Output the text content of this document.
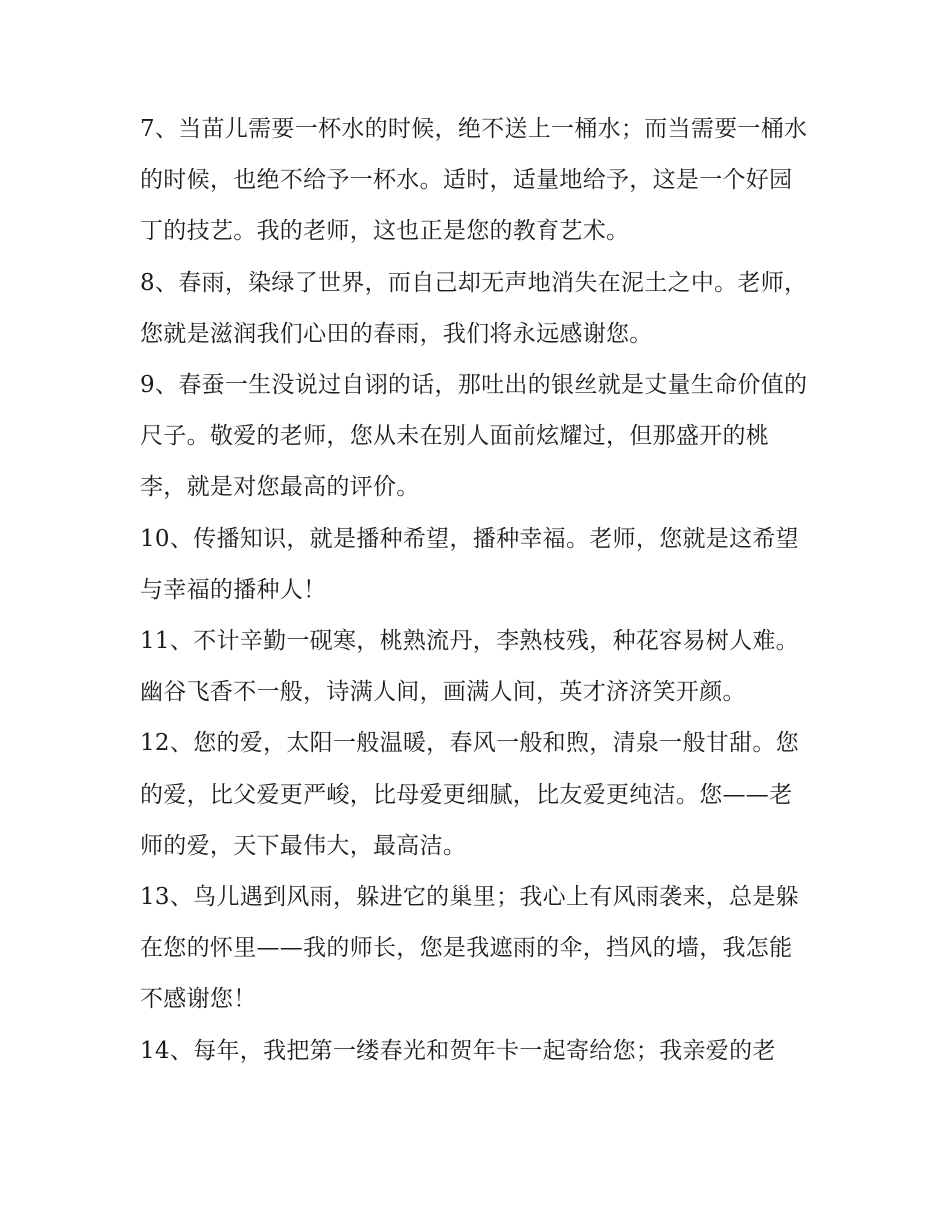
7、当苗儿需要一杯水的时候，绝不送上一桶水；而当需要一桶水的时候，也绝不给予一杯水。适时，适量地给予，这是一个好园丁的技艺。我的老师，这也正是您的教育艺术。

8、春雨，染绿了世界，而自己却无声地消失在泥土之中。老师，您就是滋润我们心田的春雨，我们将永远感谢您。

9、春蚕一生没说过自诩的话，那吐出的银丝就是丈量生命价值的尺子。敬爱的老师，您从未在别人面前炫耀过，但那盛开的桃李，就是对您最高的评价。

10、传播知识，就是播种希望，播种幸福。老师，您就是这希望与幸福的播种人！

11、不计辛勤一砚寒，桃熟流丹，李熟枝残，种花容易树人难。幽谷飞香不一般，诗满人间，画满人间，英才济济笑开颜。

12、您的爱，太阳一般温暖，春风一般和煦，清泉一般甘甜。您的爱，比父爱更严峻，比母爱更细腻，比友爱更纯洁。您——老师的爱，天下最伟大，最高洁。

13、鸟儿遇到风雨，躲进它的巢里；我心上有风雨袭来，总是躲在您的怀里——我的师长，您是我遮雨的伞，挡风的墙，我怎能不感谢您！

14、每年，我把第一缕春光和贺年卡一起寄给您；我亲爱的老
